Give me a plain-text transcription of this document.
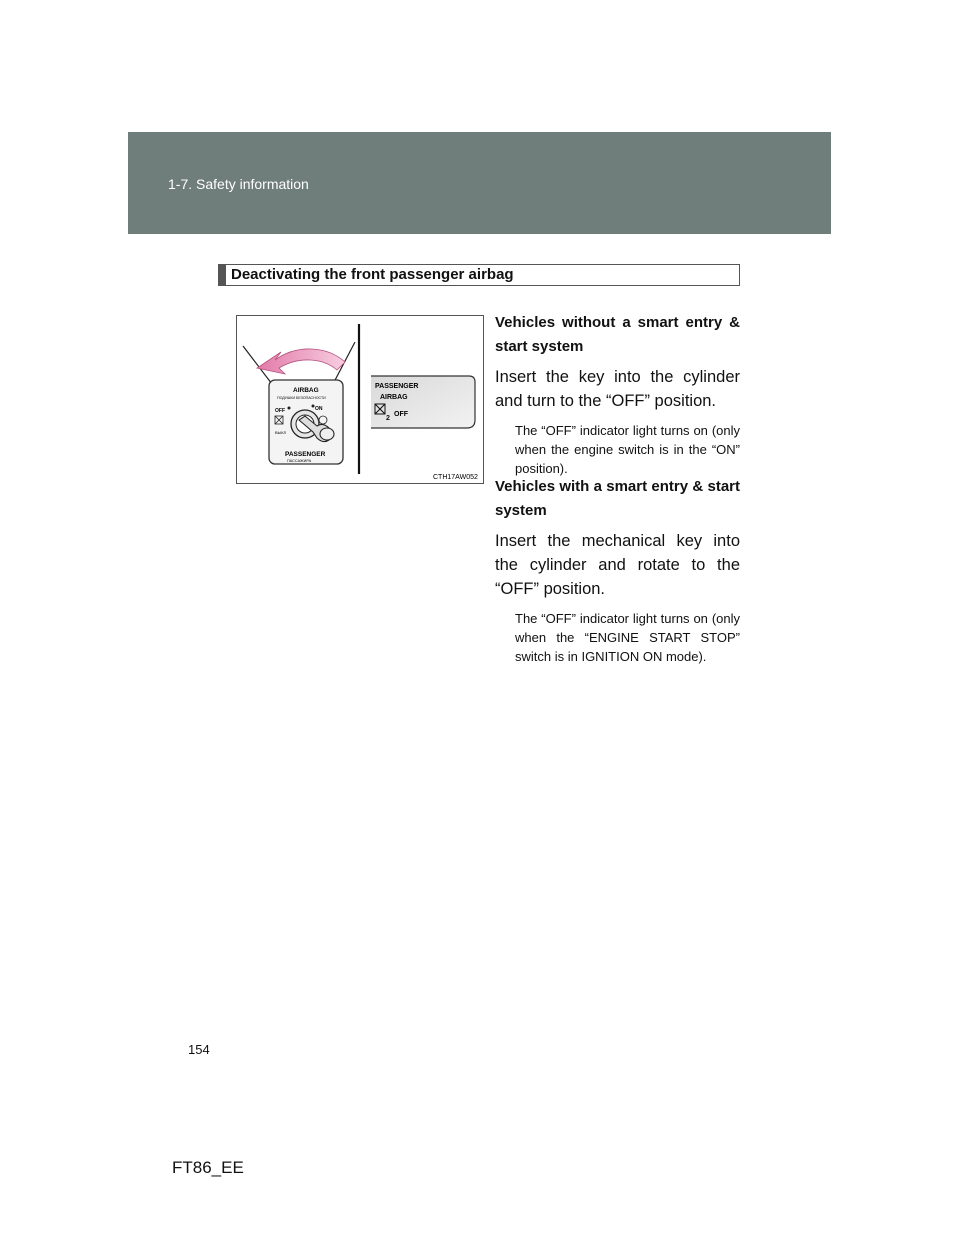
1-7. Safety information
Deactivating the front passenger airbag
AIRBAG
ПОДУШКИ БЕЗОПАСНОСТИ
OFF	ON
ВЫКЛ
PASSENGER
ПАССАЖИРА
PASSENGER
AIRBAG
2
OFF
CTH17AW052

Vehicles without a smart entry & start system

Insert the key into the cylinder and turn to the “OFF” position.

The “OFF” indicator light turns on (only when the engine switch is in the “ON” position).

Vehicles with a smart entry & start system

Insert the mechanical key into the cylinder and rotate to the “OFF” position.

The “OFF” indicator light turns on (only when the “ENGINE START STOP” switch is in IGNITION ON mode).

154
FT86_EE
